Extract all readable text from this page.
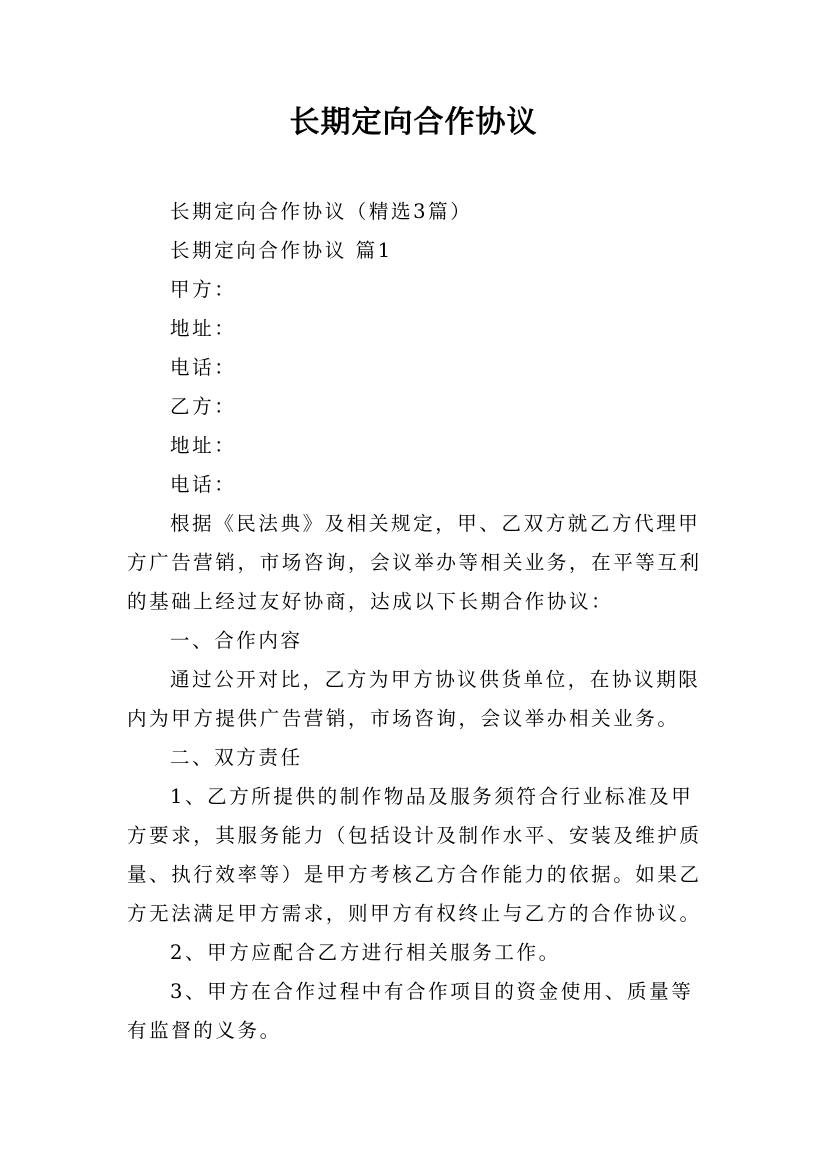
长期定向合作协议

长期定向合作协议（精选3篇）

长期定向合作协议 篇1

甲方：

地址：

电话：

乙方：

地址：

电话：

根据《民法典》及相关规定，甲、乙双方就乙方代理甲方广告营销，市场咨询，会议举办等相关业务，在平等互利的基础上经过友好协商，达成以下长期合作协议：

一、合作内容

通过公开对比，乙方为甲方协议供货单位，在协议期限内为甲方提供广告营销，市场咨询，会议举办相关业务。

二、双方责任

1、乙方所提供的制作物品及服务须符合行业标准及甲方要求，其服务能力（包括设计及制作水平、安装及维护质量、执行效率等）是甲方考核乙方合作能力的依据。如果乙方无法满足甲方需求，则甲方有权终止与乙方的合作协议。

2、甲方应配合乙方进行相关服务工作。

3、甲方在合作过程中有合作项目的资金使用、质量等有监督的义务。
